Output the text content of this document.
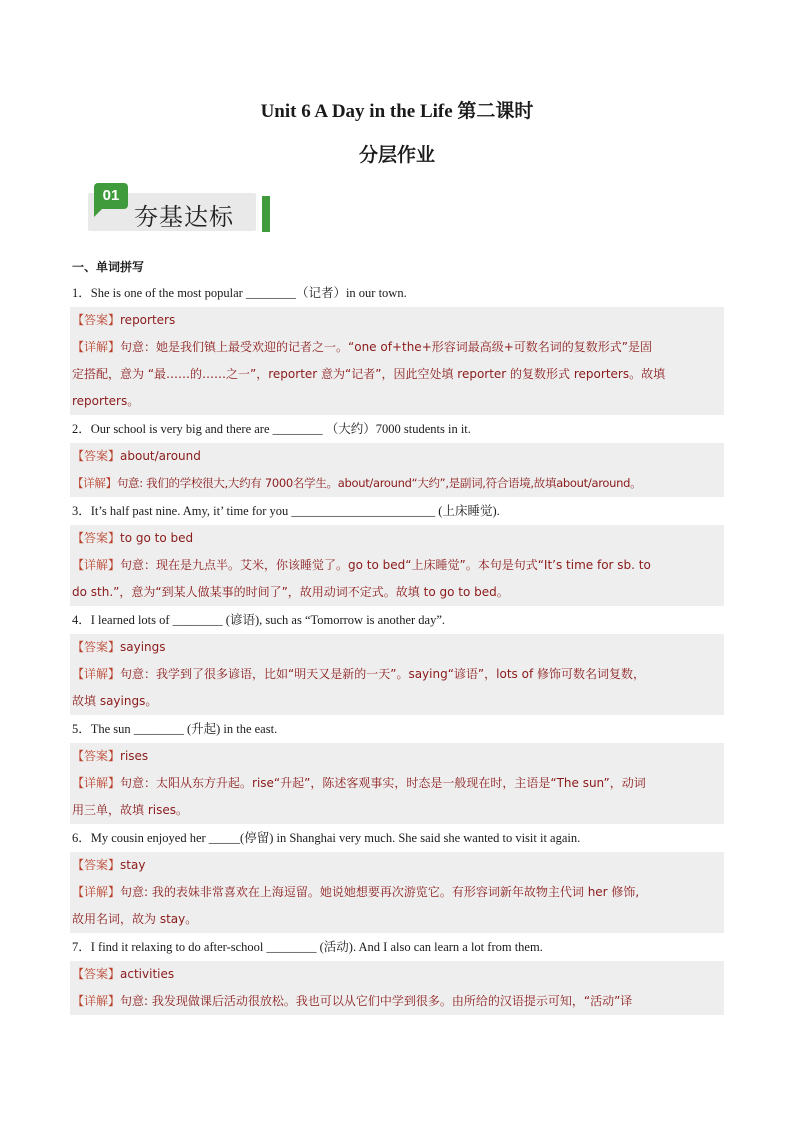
Unit 6 A Day in the Life 第二课时
分层作业
01
夯基达标
一、单词拼写
1．She is one of the most popular ________（记者）in our town.
【答案】reporters
【详解】句意：她是我们镇上最受欢迎的记者之一。“one of+the+形容词最高级+可数名词的复数形式”是固
定搭配，意为 “最……的……之一”，reporter 意为“记者”，因此空处填 reporter 的复数形式 reporters。故填
reporters。
2．Our school is very big and there are ________ （大约）7000 students in it.
【答案】about/around
【详解】句意: 我们的学校很大,大约有 7000名学生。about/around“大约”,是副词,符合语境,故填about/around。
3．It’s half past nine. Amy, it’ time for you _______________________ (上床睡觉).
【答案】to go to bed
【详解】句意：现在是九点半。艾米，你该睡觉了。go to bed“上床睡觉”。本句是句式“It’s time for sb. to
do sth.”，意为“到某人做某事的时间了”，故用动词不定式。故填 to go to bed。
4．I learned lots of ________ (谚语), such as “Tomorrow is another day”.
【答案】sayings
【详解】句意：我学到了很多谚语，比如“明天又是新的一天”。saying“谚语”，lots of 修饰可数名词复数，
故填 sayings。
5．The sun ________ (升起) in the east.
【答案】rises
【详解】句意：太阳从东方升起。rise“升起”，陈述客观事实，时态是一般现在时，主语是“The sun”，动词
用三单，故填 rises。
6．My cousin enjoyed her _____(停留) in Shanghai very much. She said she wanted to visit it again.
【答案】stay
【详解】句意: 我的表妹非常喜欢在上海逗留。她说她想要再次游览它。有形容词新年故物主代词 her 修饰,
故用名词，故为 stay。
7．I find it relaxing to do after-school ________ (活动). And I also can learn a lot from them.
【答案】activities
【详解】句意: 我发现做课后活动很放松。我也可以从它们中学到很多。由所给的汉语提示可知，“活动”译
